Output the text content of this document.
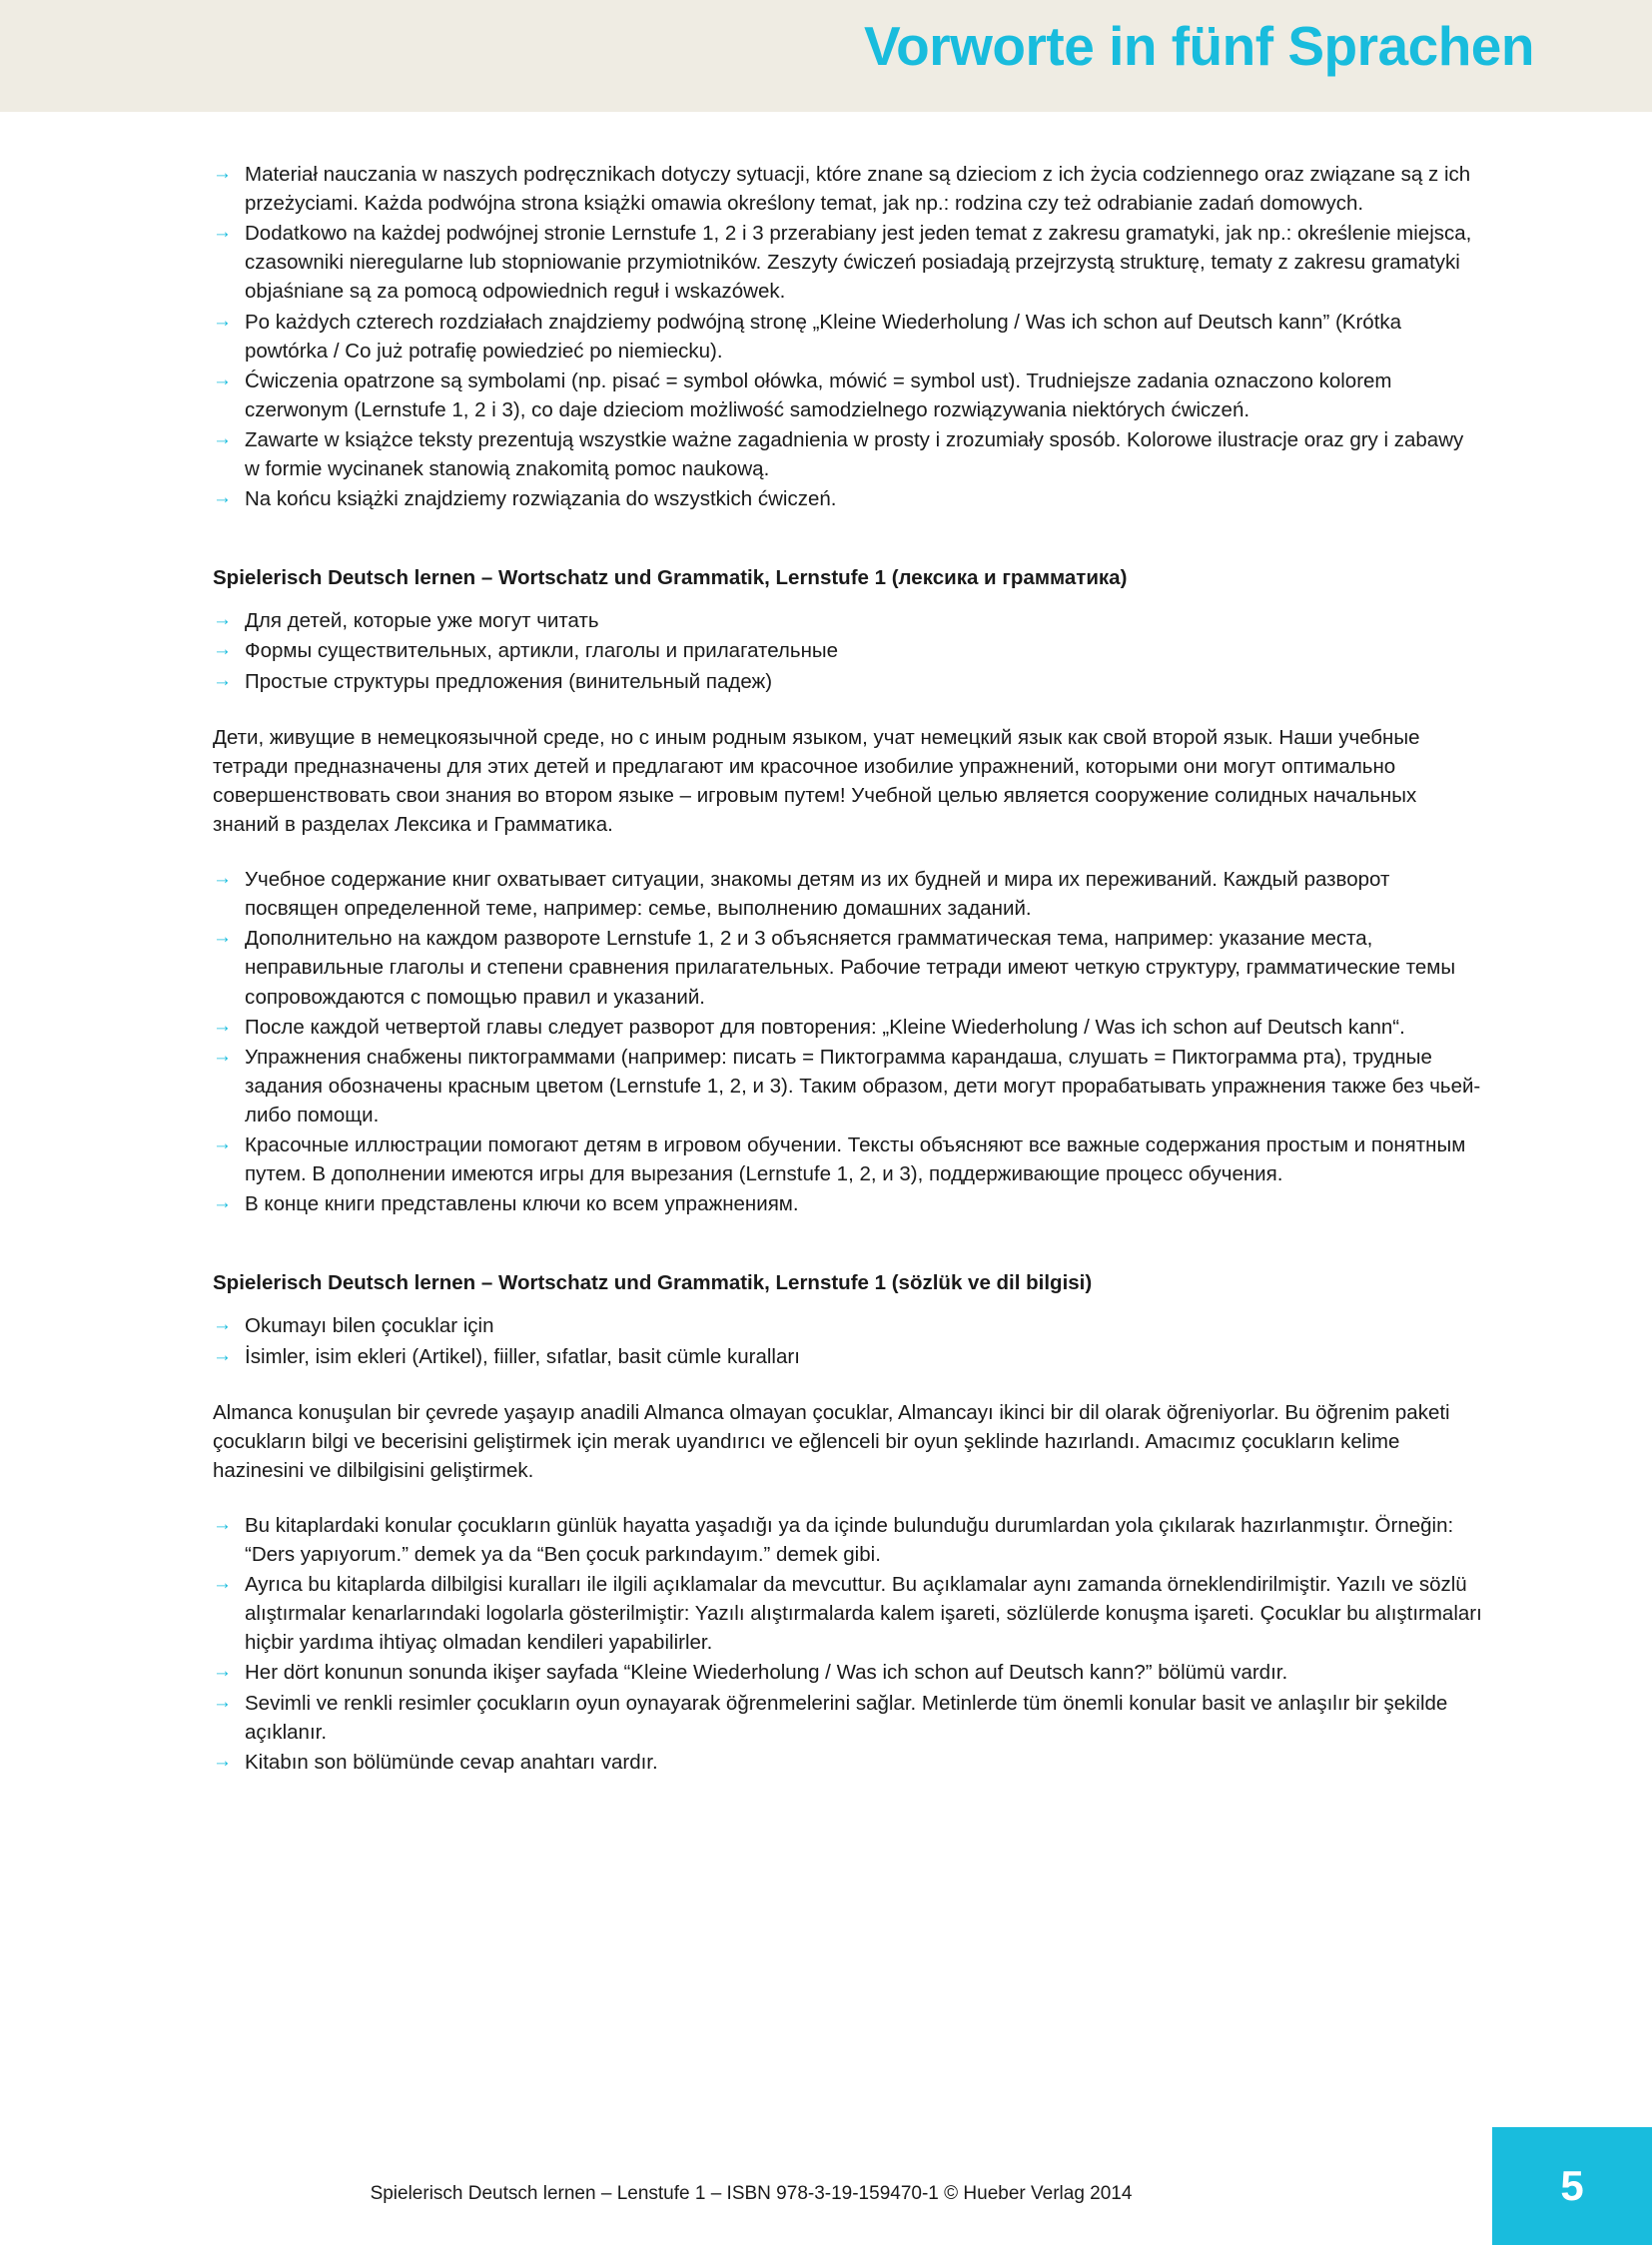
Vorworte in fünf Sprachen
→ Materiał nauczania w naszych podręcznikach dotyczy sytuacji, które znane są dzieciom z ich życia codziennego oraz związane są z ich przeżyciami. Każda podwójna strona książki omawia określony temat, jak np.: rodzina czy też odrabianie zadań domowych.
→ Dodatkowo na każdej podwójnej stronie Lernstufe 1, 2 i 3 przerabiany jest jeden temat z zakresu gramatyki, jak np.: określenie miejsca, czasowniki nieregularne lub stopniowanie przymiotników. Zeszyty ćwiczeń posiadają przejrzystą strukturę, tematy z zakresu gramatyki objaśniane są za pomocą odpowiednich reguł i wskazówek.
→ Po każdych czterech rozdziałach znajdziemy podwójną stronę „Kleine Wiederholung / Was ich schon auf Deutsch kann” (Krótka powtórka / Co już potrafię powiedzieć po niemiecku).
→ Ćwiczenia opatrzone są symbolami (np. pisać = symbol ołówka, mówić = symbol ust). Trudniejsze zadania oznaczono kolorem czerwonym (Lernstufe 1, 2 i 3), co daje dzieciom możliwość samodzielnego rozwiązywania niektórych ćwiczeń.
→ Zawarte w książce teksty prezentują wszystkie ważne zagadnienia w prosty i zrozumiały sposób. Kolorowe ilustracje oraz gry i zabawy w formie wycinanek stanowią znakomitą pomoc naukową.
→ Na końcu książki znajdziemy rozwiązania do wszystkich ćwiczeń.
Spielerisch Deutsch lernen – Wortschatz und Grammatik, Lernstufe 1 (лексика и грамматика)
→ Для детей, которые уже могут читать
→ Формы существительных, артикли, глаголы и прилагательные
→ Простые структуры предложения (винительный падеж)

Дети, живущие в немецкоязычной среде, но с иным родным языком, учат немецкий язык как свой второй язык. Наши учебные тетради предназначены для этих детей и предлагают им красочное изобилие упражнений, которыми они могут оптимально совершенствовать свои знания во втором языке – игровым путем! Учебной целью является сооружение солидных начальных знаний в разделах Лексика и Грамматика.

→ Учебное содержание книг охватывает ситуации, знакомы детям из их будней и мира их переживаний. Каждый разворот посвящен определенной теме, например: семье, выполнению домашних заданий.
→ Дополнительно на каждом развороте Lernstufe 1, 2 и 3 объясняется грамматическая тема, например: указание места, неправильные глаголы и степени сравнения прилагательных. Рабочие тетради имеют четкую структуру, грамматические темы сопровождаются с помощью правил и указаний.
→ После каждой четвертой главы следует разворот для повторения: „Kleine Wiederholung / Was ich schon auf Deutsch kann“.
→ Упражнения снабжены пиктограммами (например: писать = Пиктограмма карандаша, слушать = Пиктограмма рта), трудные задания обозначены красным цветом (Lernstufe 1, 2, и 3). Таким образом, дети могут прорабатывать упражнения также без чьей-либо помощи.
→ Красочные иллюстрации помогают детям в игровом обучении. Тексты объясняют все важные содержания простым и понятным путем. В дополнении имеются игры для вырезания (Lernstufe 1, 2, и 3), поддерживающие процесс обучения.
→ В конце книги представлены ключи ко всем упражнениям.
Spielerisch Deutsch lernen – Wortschatz und Grammatik, Lernstufe 1 (sözlük ve dil bilgisi)
→ Okumayı bilen çocuklar için
→ İsimler, isim ekleri (Artikel), fiiller, sıfatlar, basit cümle kuralları

Almanca konuşulan bir çevrede yaşayıp anadili Almanca olmayan çocuklar, Almancayı ikinci bir dil olarak öğreniyorlar. Bu öğrenim paketi çocukların bilgi ve becerisini geliştirmek için merak uyandırıcı ve eğlenceli bir oyun şeklinde hazırlandı. Amacımız çocukların kelime hazinesini ve dilbilgisini geliştirmek.

→ Bu kitaplardaki konular çocukların günlük hayatta yaşadığı ya da içinde bulunduğu durumlardan yola çıkılarak hazırlanmıştır. Örneğin: “Ders yapıyorum.” demek ya da “Ben çocuk parkındayım.” demek gibi.
→ Ayrıca bu kitaplarda dilbilgisi kuralları ile ilgili açıklamalar da mevcuttur. Bu açıklamalar aynı zamanda örneklendirilmiştir. Yazılı ve sözlü alıştırmalar kenarlarındaki logolarla gösterilmiştir: Yazılı alıştırmalarda kalem işareti, sözlülerde konuşma işareti. Çocuklar bu alıştırmaları hiçbir yardıma ihtiyaç olmadan kendileri yapabilirler.
→ Her dört konunun sonunda ikişer sayfada “Kleine Wiederholung / Was ich schon auf Deutsch kann?” bölümü vardır.
→ Sevimli ve renkli resimler çocukların oyun oynayarak öğrenmelerini sağlar. Metinlerde tüm önemli konular basit ve anlaşılır bir şekilde açıklanır.
→ Kitabın son bölümünde cevap anahtarı vardır.
Spielerisch Deutsch lernen – Lenstufe 1 – ISBN 978-3-19-159470-1 © Hueber Verlag 2014	5
